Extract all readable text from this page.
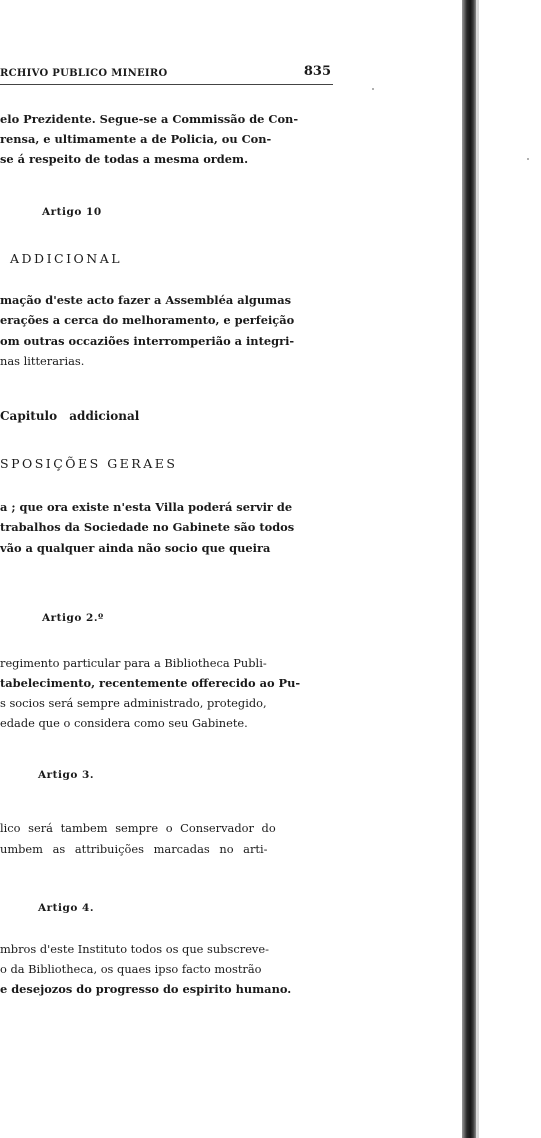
RCHIVO PUBLICO MINEIRO	835
elo Prezidente. Segue-se a Commissão de Con-
rensa, e ultimamente a de Policia, ou Con-
se á respeito de todas a mesma ordem.
Artigo 10
ADDICIONAL
mação d'este acto fazer a Assembléa algumas
erações a cerca do melhoramento, e perfeição
om outras occaziões interromperião a integri-
nas litterarias.
Capitulo addicional
SPOSIÇÕES GERAES
a ; que ora existe n'esta Villa poderá servir de
trabalhos da Sociedade no Gabinete são todos
vão a qualquer ainda não socio que queira
Artigo 2.º
regimento particular para a Bibliotheca Publi-
tabelecimento, recentemente offerecido ao Pu-
s socios será sempre administrado, protegido,
edade que o considera como seu Gabinete.
Artigo 3.
lico será tambem sempre o Conservador do
umbem as attribuições marcadas no arti-
Artigo 4.
mbros d'este Instituto todos os que subscreve-
o da Bibliotheca, os quaes ipso facto mostrão
e desejozos do progresso do espirito humano.
